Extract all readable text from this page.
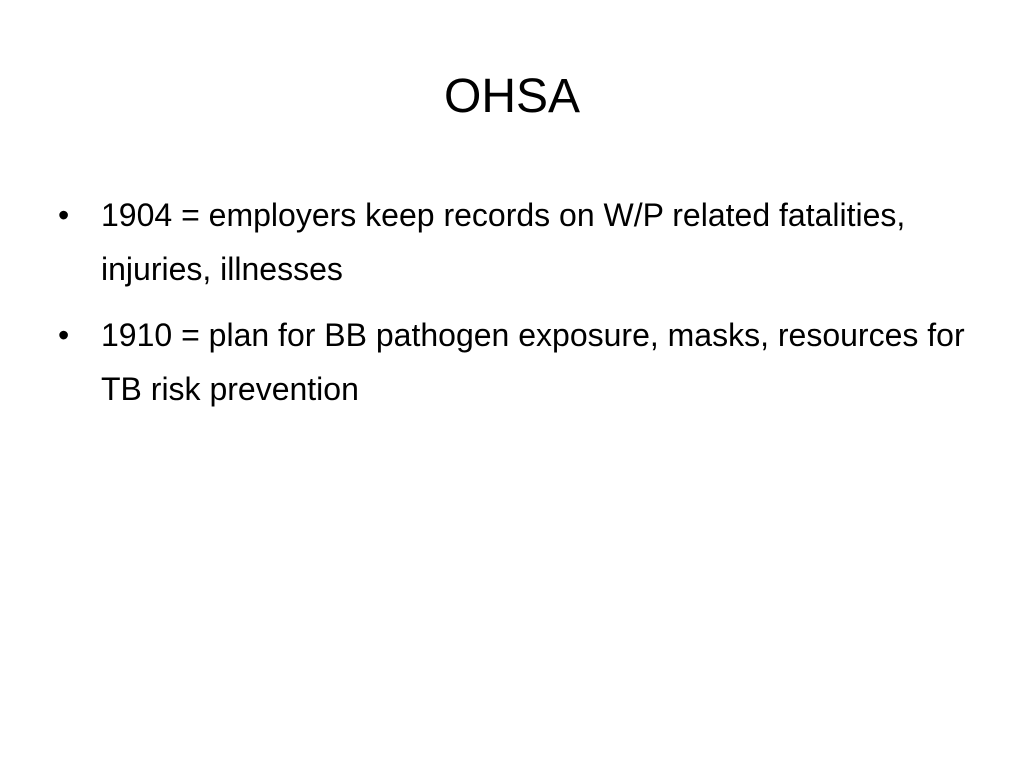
OHSA
• 1904 = employers keep records on W/P related fatalities, injuries, illnesses
• 1910 = plan for BB pathogen exposure, masks, resources for TB risk prevention
